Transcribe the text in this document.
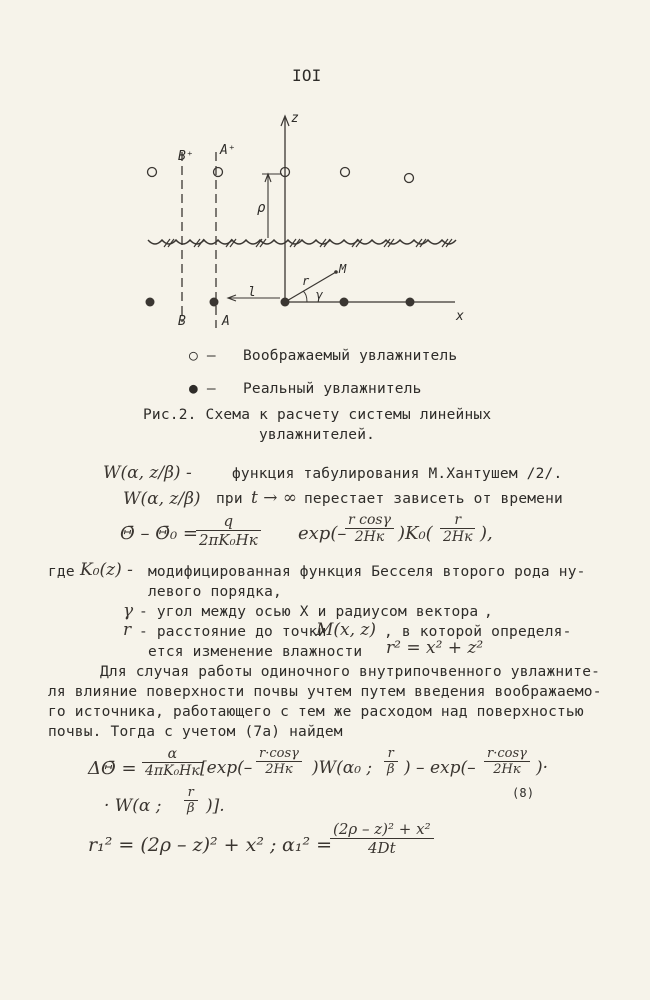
IOI
z
x
B⁺ A⁺
B	A
ρ
l
M
r
γ
○ – Воображаемый увлажнитель
● – Реальный увлажнитель
Рис.2. Схема к расчету системы линейных
увлажнителей.
W(α, z/β) -	функция табулирования М.Хантушем /2/.
W(α, z/β) при t → ∞ перестает зависеть от времени
Θ̄ – Θ̄₀ =
q
2πK₀Hк exp(–
r cosγ
2Hк )K₀(
r
2Hк ),
где K₀(z) - модифицированная функция Бесселя второго рода ну-
левого порядка,
γ - угол между осью X и радиусом вектора ,
r - расстояние до точки
M(x, z) , в которой определя-
ется изменение влажности r² = x² + z²
Для случая работы одиночного внутрипочвенного увлажните-
ля влияние поверхности почвы учтем путем введения воображаемо-
го источника, работающего с тем же расходом над поверхностью
почвы. Тогда с учетом (7а) найдем
ΔΘ̄ =
α
4πK₀Hк [exp(–
r·cosγ
2Hк	)W(α₀ ; $\frac{r}{\beta}$ ) – exp(–
r·cosγ
2Hк )·
· W(α ; $\frac{r}{\beta}$ )].
(8)
r₁² = (2ρ – z)² + x² ; α₁² =
$\frac{\text{(2ρ – z)² + x²}}{4Dt}$
